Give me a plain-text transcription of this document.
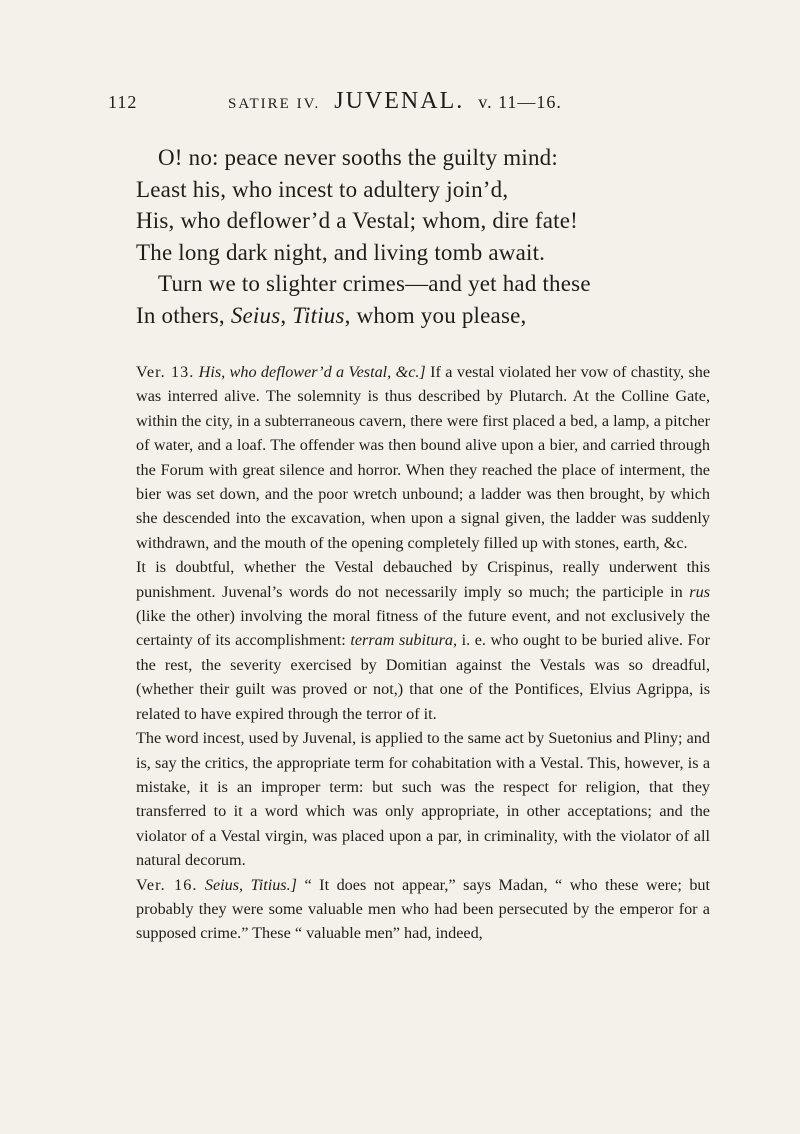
112	SATIRE IV. JUVENAL. v. 11—16.
O! no: peace never sooths the guilty mind:
Least his, who incest to adultery join’d,
His, who deflower’d a Vestal; whom, dire fate!
The long dark night, and living tomb await.
Turn we to slighter crimes—and yet had these
In others, Seius, Titius, whom you please,

Ver. 13. His, who deflower’d a Vestal, &c.] If a vestal violated her vow of chastity, she was interred alive. The solemnity is thus described by Plutarch. At the Colline Gate, within the city, in a subterraneous cavern, there were first placed a bed, a lamp, a pitcher of water, and a loaf. The offender was then bound alive upon a bier, and carried through the Forum with great silence and horror. When they reached the place of interment, the bier was set down, and the poor wretch unbound; a ladder was then brought, by which she descended into the excavation, when upon a signal given, the ladder was suddenly withdrawn, and the mouth of the opening completely filled up with stones, earth, &c.

It is doubtful, whether the Vestal debauched by Crispinus, really underwent this punishment. Juvenal’s words do not necessarily imply so much; the participle in rus (like the other) involving the moral fitness of the future event, and not exclusively the certainty of its accomplishment: terram subitura, i. e. who ought to be buried alive. For the rest, the severity exercised by Domitian against the Vestals was so dreadful, (whether their guilt was proved or not,) that one of the Pontifices, Elvius Agrippa, is related to have expired through the terror of it.

The word incest, used by Juvenal, is applied to the same act by Suetonius and Pliny; and is, say the critics, the appropriate term for cohabitation with a Vestal. This, however, is a mistake, it is an improper term: but such was the respect for religion, that they transferred to it a word which was only appropriate, in other acceptations; and the violator of a Vestal virgin, was placed upon a par, in criminality, with the violator of all natural decorum.

Ver. 16. Seius, Titius.] “ It does not appear,” says Madan, “ who these were; but probably they were some valuable men who had been persecuted by the emperor for a supposed crime.” These “ valuable men” had, indeed,
